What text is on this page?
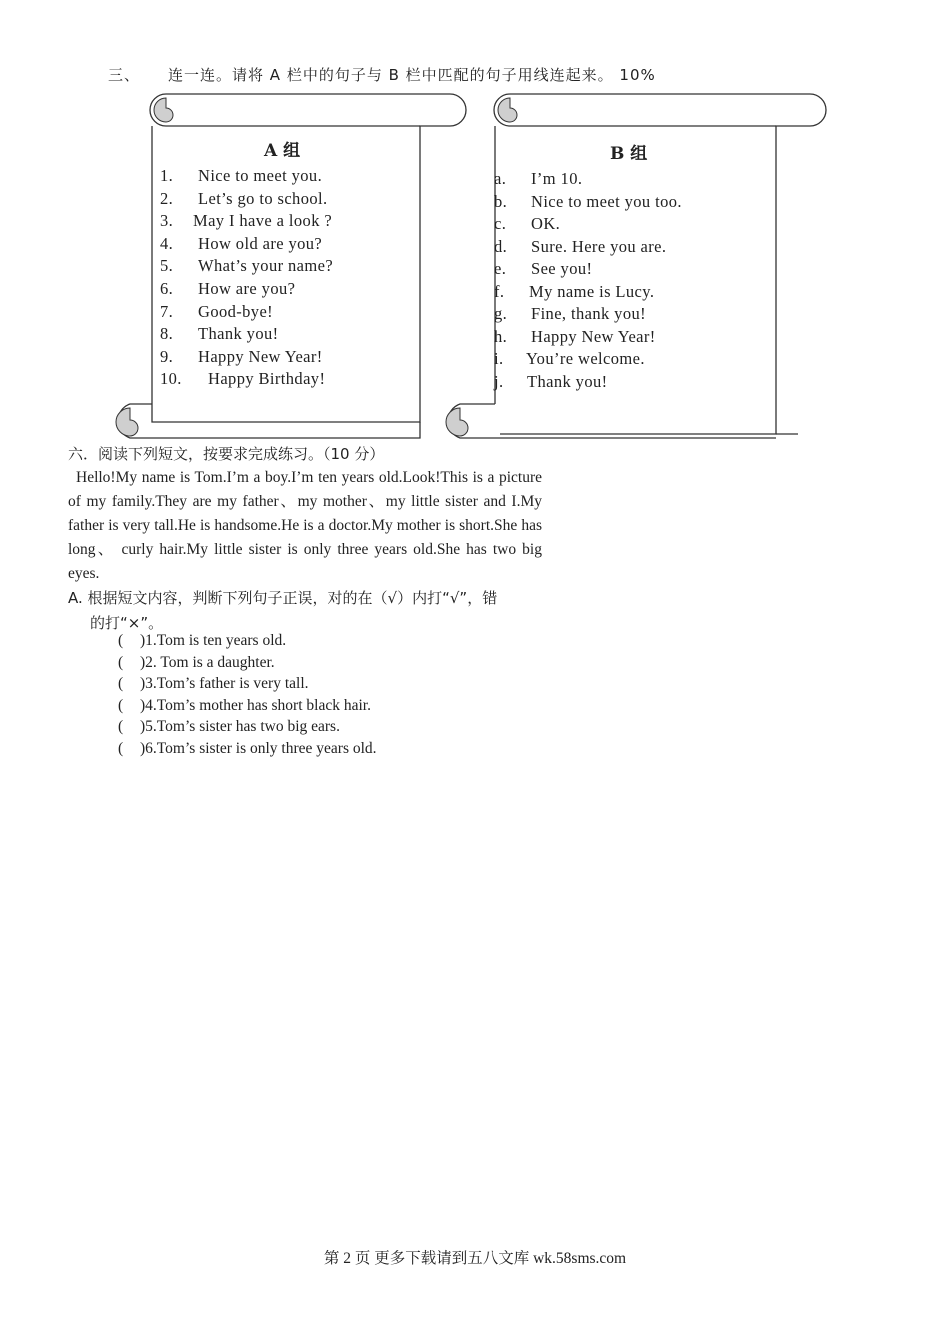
三、 连一连。请将 A 栏中的句子与 B 栏中匹配的句子用线连起来。 10%
A 组
1. Nice to meet you.
2. Let’s go to school.
3. May I have a look ?
4. How old are you?
5. What’s your name?
6. How are you?
7. Good-bye!
8. Thank you!
9. Happy New Year!
10. Happy Birthday!
B 组
a. I’m 10.
b. Nice to meet you too.
c. OK.
d. Sure. Here you are.
e. See you!
f. My name is Lucy.
g. Fine, thank you!
h. Happy New Year!
i. You’re welcome.
j. Thank you!
六．阅读下列短文，按要求完成练习。（10 分）
Hello!My name is Tom.I’m a boy.I’m ten years old.Look!This is a picture of my family.They are my father、my mother、my little sister and I.My father is very tall.He is handsome.He is a doctor.My mother is short.She has long、 curly hair.My little sister is only three years old.She has two big eyes.
A. 根据短文内容，判断下列句子正误，对的在（√）内打“√”，错
的打“×”。
( )1.Tom is ten years old.
( )2. Tom is a daughter.
( )3.Tom’s father is very tall.
( )4.Tom’s mother has short black hair.
( )5.Tom’s sister has two big ears.
( )6.Tom’s sister is only three years old.
第 2 页 更多下载请到五八文库 wk.58sms.com
